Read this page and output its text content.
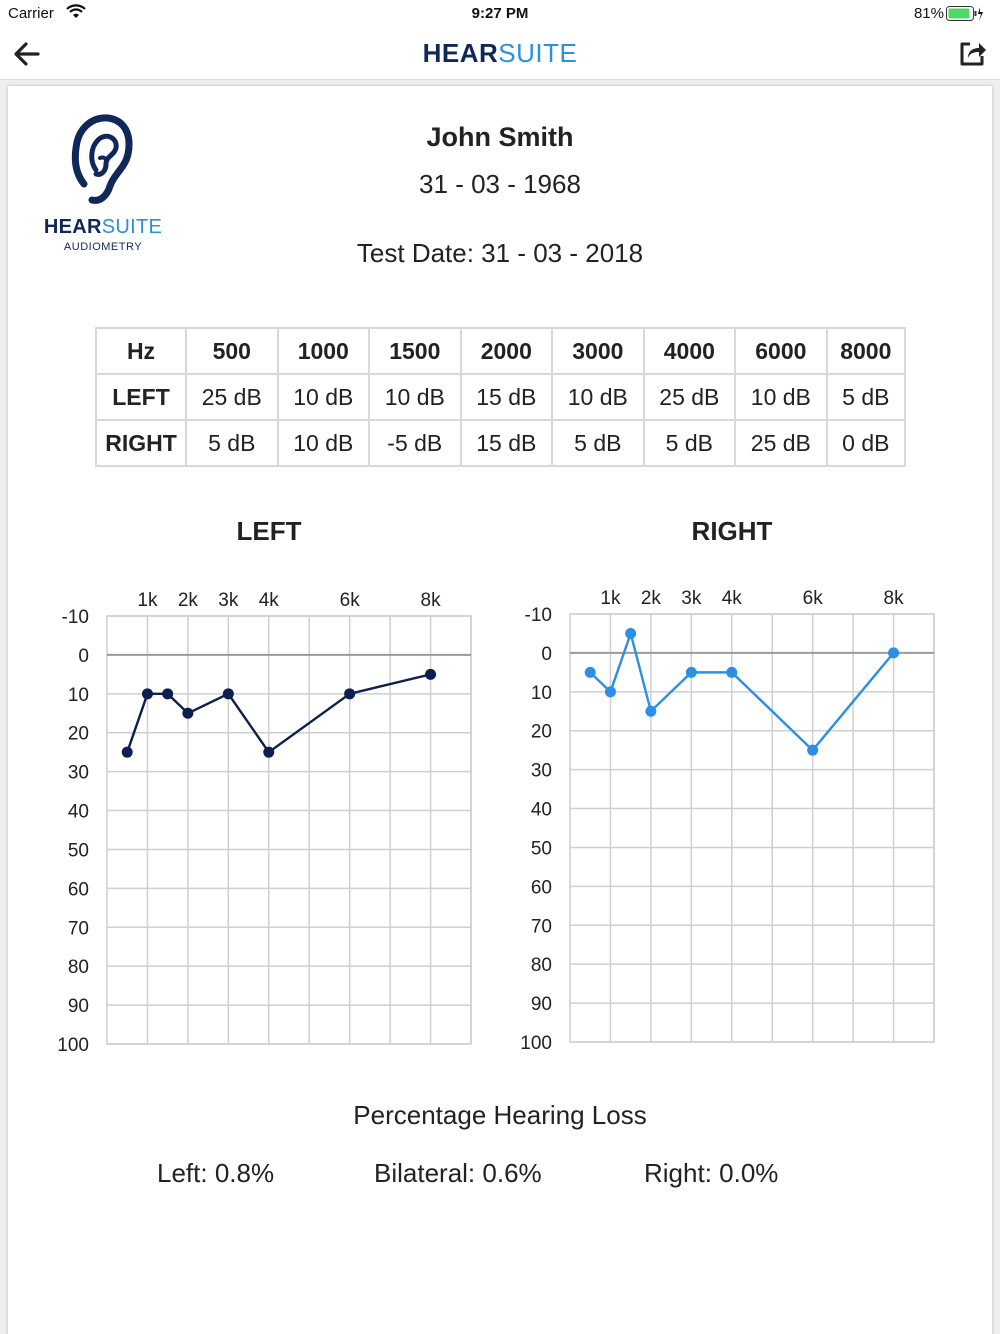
Carrier	9:27 PM	81%
HEARSUITE
HEARSUITE
AUDIOMETRY
John Smith
31 - 03 - 1968
Test Date: 31 - 03 - 2018
Hz	500	1000	1500	2000	3000	4000	6000	8000
LEFT	25 dB	10 dB	10 dB	15 dB	10 dB	25 dB	10 dB	5 dB
RIGHT	5 dB	10 dB	-5 dB	15 dB	5 dB	5 dB	25 dB	0 dB
LEFT	RIGHT
-10
0
10
20
30
40
50
60
70
80
90
100
1k 2k 3k 4k	6k	8k
-10
0
10
20
30
40
50
60
70
80
90
100
1k 2k 3k 4k	6k	8k
Percentage Hearing Loss
Left: 0.8%	Bilateral: 0.6%	Right: 0.0%
